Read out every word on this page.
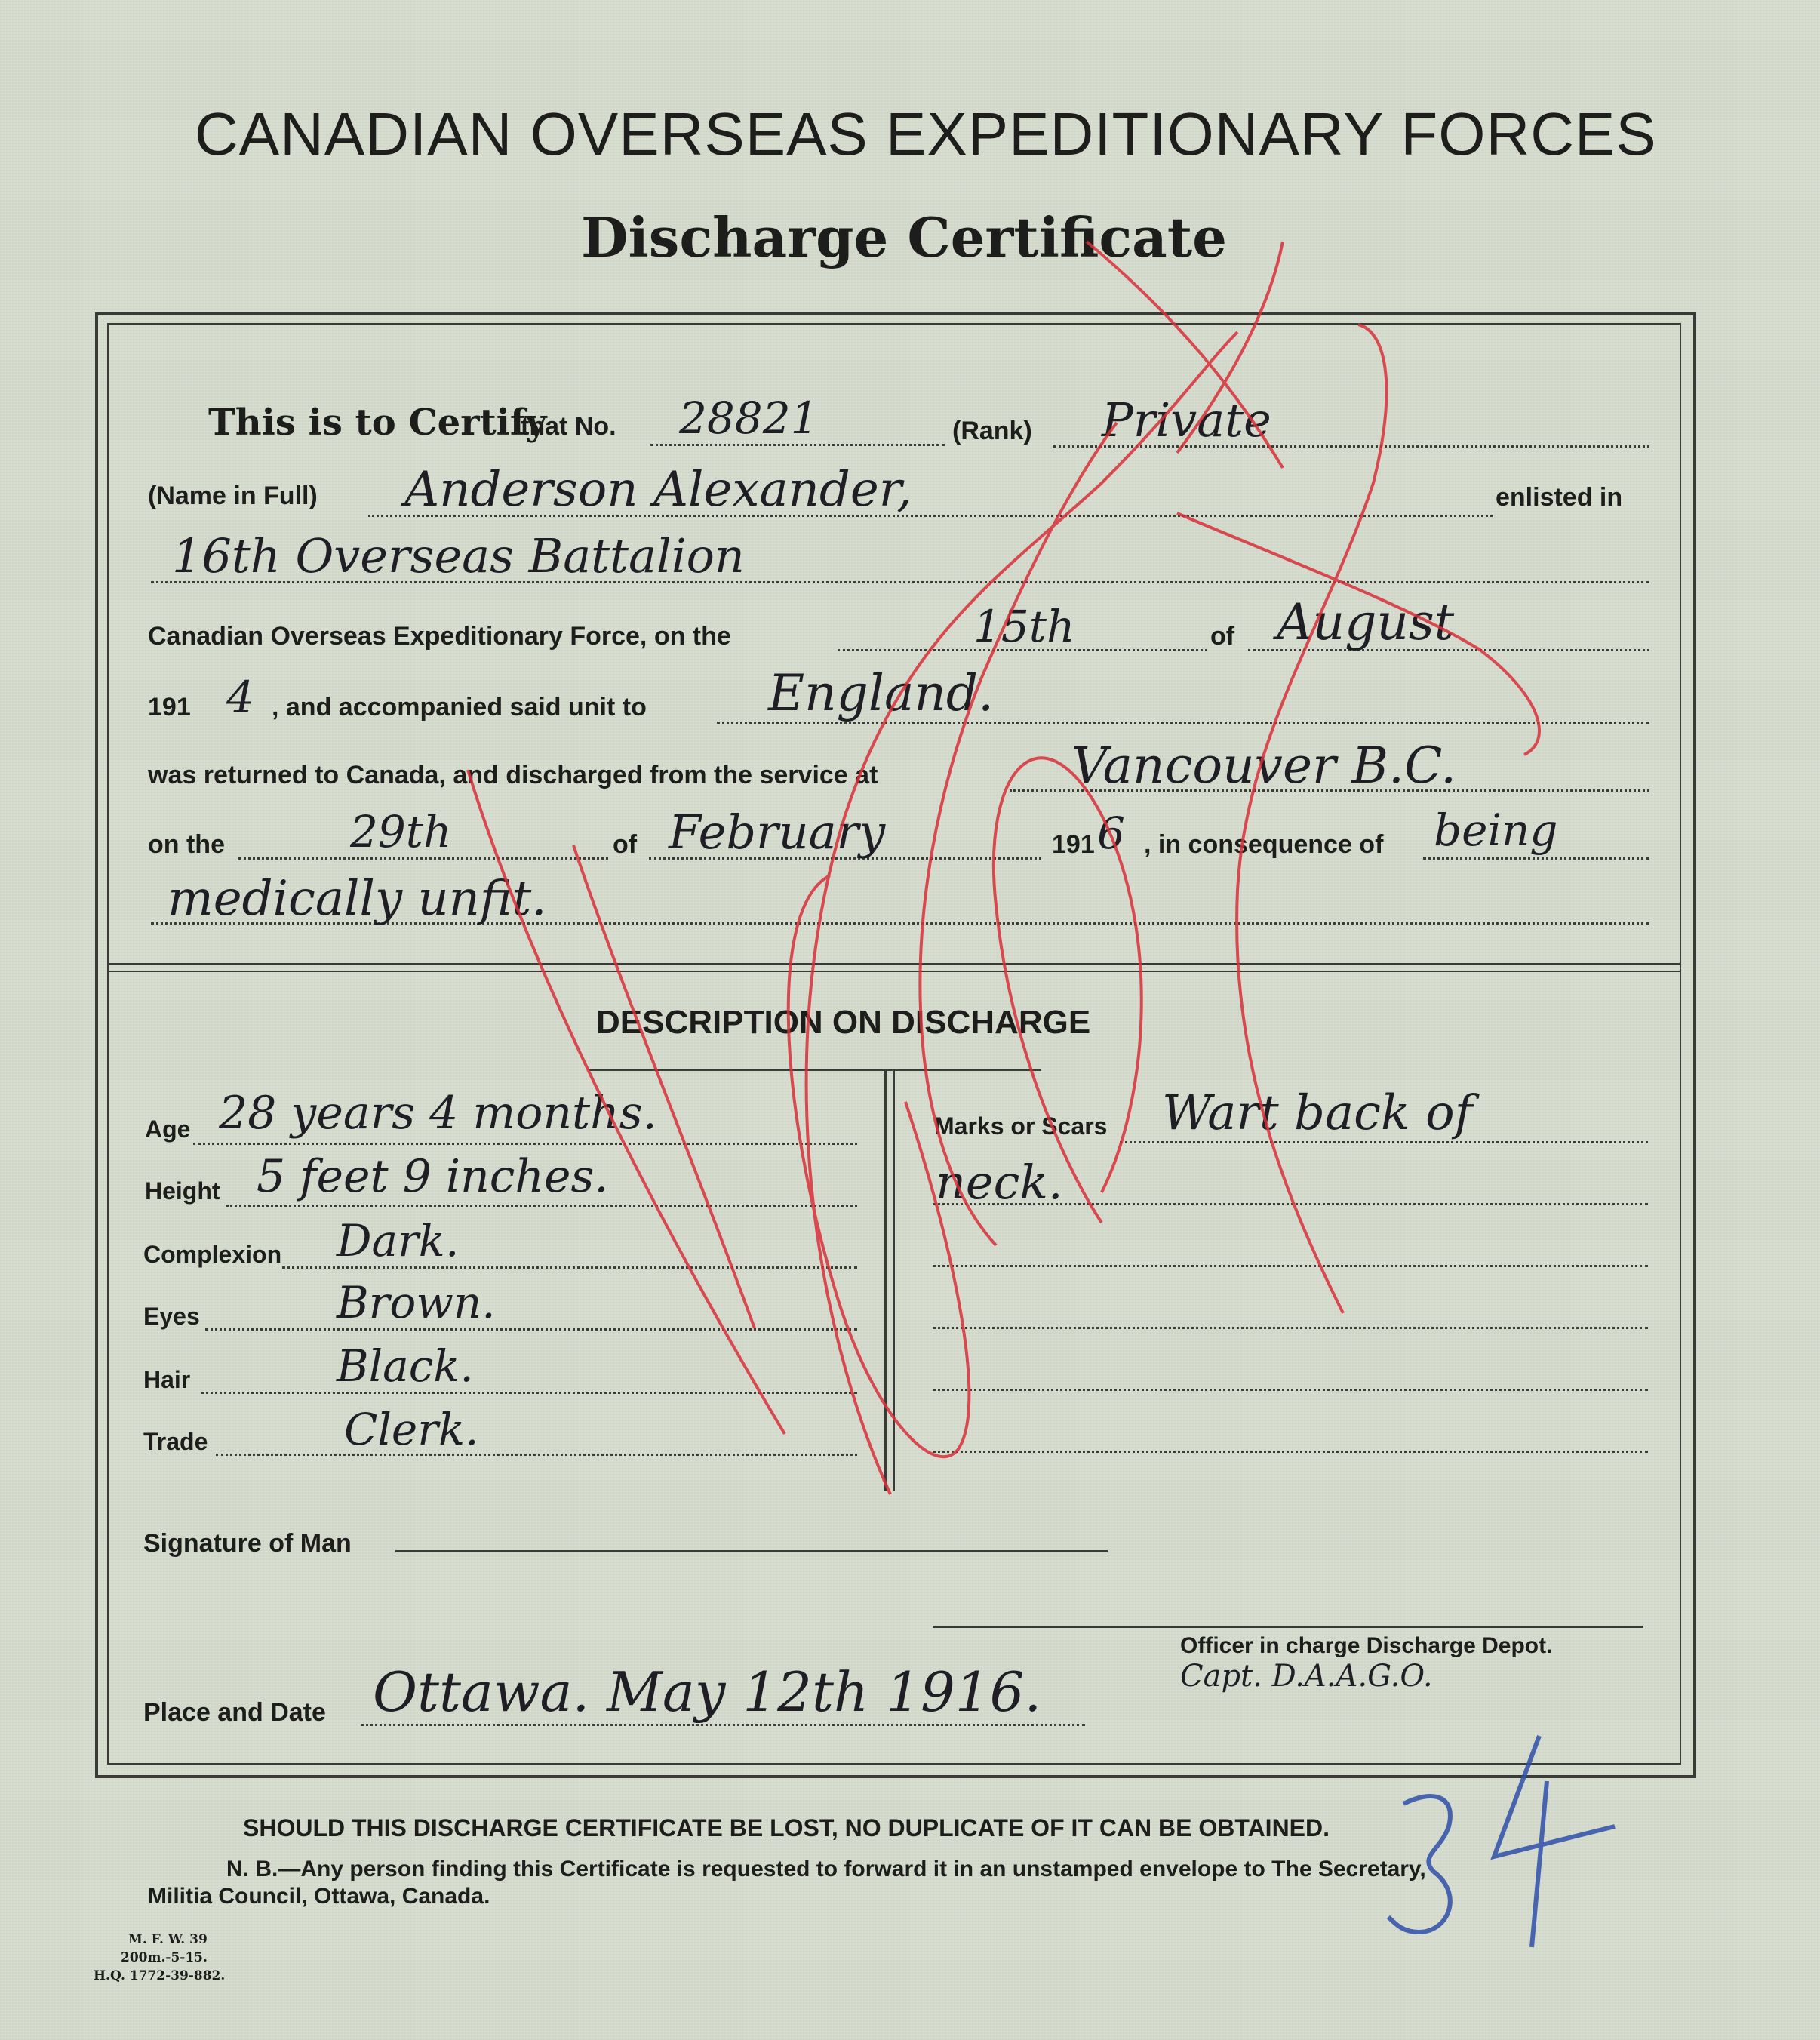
CANADIAN OVERSEAS EXPEDITIONARY FORCES
Discharge Certificate
This is to Certify
that No. 28821	(Rank) Private
(Name in Full) Anderson Alexander,	enlisted in
16th Overseas Battalion
Canadian Overseas Expeditionary Force, on the	15th	of August
191 4 , and accompanied said unit to England.
was returned to Canada, and discharged from the service at	Vancouver B.C.
on the	29th	of February	191 6 , in consequence of being
medically unfit.
DESCRIPTION ON DISCHARGE
Age 28 years 4 months.
Height 5 feet 9 inches.
Complexion Dark.
Eyes	Brown.
Hair	Black.
Trade	Clerk.
Marks or Scars Wart back of
neck.
Signature of Man
Officer in charge Discharge Depot.
Capt. D.A.A.G.O.
Place and Date Ottawa. May 12th 1916.
SHOULD THIS DISCHARGE CERTIFICATE BE LOST, NO DUPLICATE OF IT CAN BE OBTAINED.
N. B.—Any person finding this Certificate is requested to forward it in an unstamped envelope to The Secretary,
Militia Council, Ottawa, Canada.
M. F. W. 39
200m.-5-15.
H.Q. 1772-39-882.
